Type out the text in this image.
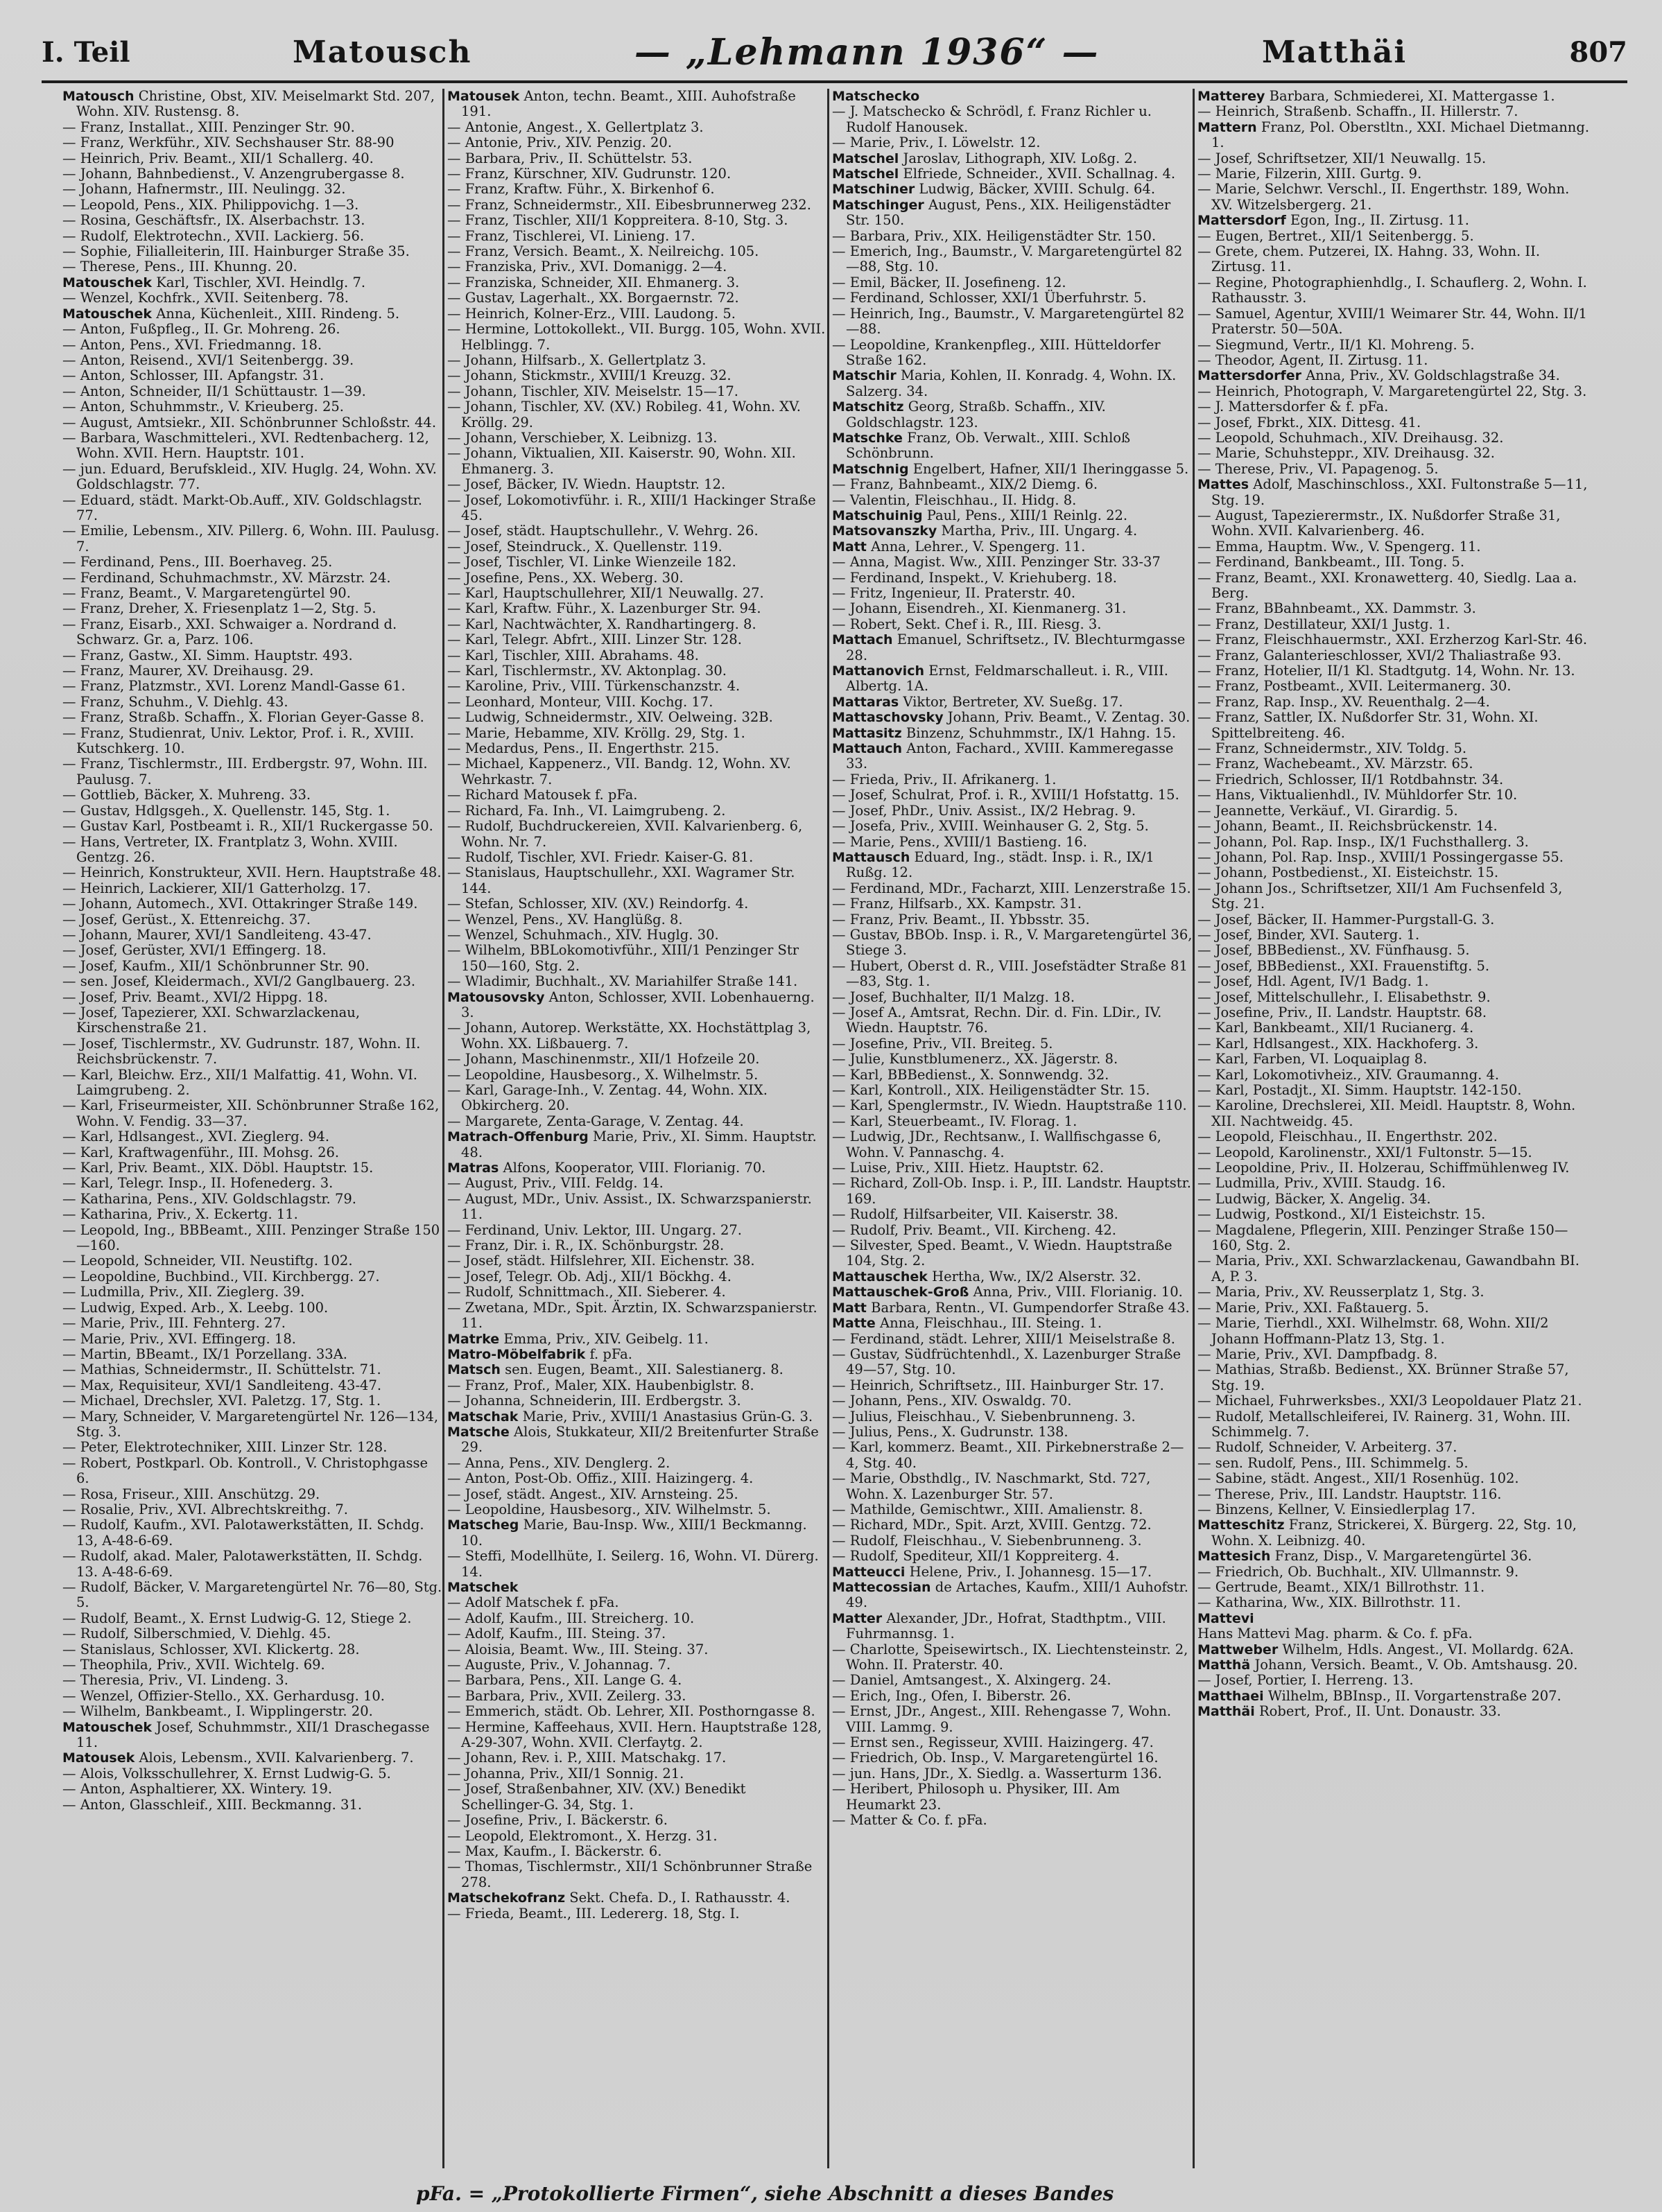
I. Teil	Matousch	— „Lehmann 1936“ —	Matthäi	807

Matousch Christine, Obst, XIV. Meiselmarkt Std. 207, Wohn. XIV. Rustensg. 8.

— Franz, Installat., XIII. Penzinger Str. 90.

— Franz, Werkführ., XIV. Sechshauser Str. 88-90

— Heinrich, Priv. Beamt., XII/1 Schallerg. 40.

— Johann, Bahnbedienst., V. Anzengrubergasse 8.

— Johann, Hafnermstr., III. Neulingg. 32.

— Leopold, Pens., XIX. Philippovichg. 1—3.

— Rosina, Geschäftsfr., IX. Alserbachstr. 13.

— Rudolf, Elektrotechn., XVII. Lackierg. 56.

— Sophie, Filialleiterin, III. Hainburger Straße 35.

— Therese, Pens., III. Khunng. 20.

Matouschek Karl, Tischler, XVI. Heindlg. 7.

— Wenzel, Kochfrk., XVII. Seitenberg. 78.

Matouschek Anna, Küchenleit., XIII. Rindeng. 5.

— Anton, Fußpfleg., II. Gr. Mohreng. 26.

— Anton, Pens., XVI. Friedmanng. 18.

— Anton, Reisend., XVI/1 Seitenbergg. 39.

— Anton, Schlosser, III. Apfangstr. 31.

— Anton, Schneider, II/1 Schüttaustr. 1—39.

— Anton, Schuhmmstr., V. Krieuberg. 25.

— August, Amtsiekr., XII. Schönbrunner Schloßstr. 44.

— Barbara, Waschmitteleri., XVI. Redtenbacherg. 12, Wohn. XVII. Hern. Hauptstr. 101.

— jun. Eduard, Berufskleid., XIV. Huglg. 24, Wohn. XV. Goldschlagstr. 77.

— Eduard, städt. Markt-Ob.Auff., XIV. Goldschlagstr. 77.

— Emilie, Lebensm., XIV. Pillerg. 6, Wohn. III. Paulusg. 7.

— Ferdinand, Pens., III. Boerhaveg. 25.

— Ferdinand, Schuhmachmstr., XV. Märzstr. 24.

— Franz, Beamt., V. Margaretengürtel 90.

— Franz, Dreher, X. Friesenplatz 1—2, Stg. 5.

— Franz, Eisarb., XXI. Schwaiger a. Nordrand d. Schwarz. Gr. a, Parz. 106.

— Franz, Gastw., XI. Simm. Hauptstr. 493.

— Franz, Maurer, XV. Dreihausg. 29.

— Franz, Platzmstr., XVI. Lorenz Mandl-Gasse 61.

— Franz, Schuhm., V. Diehlg. 43.

— Franz, Straßb. Schaffn., X. Florian Geyer-Gasse 8.

— Franz, Studienrat, Univ. Lektor, Prof. i. R., XVIII. Kutschkerg. 10.

— Franz, Tischlermstr., III. Erdbergstr. 97, Wohn. III. Paulusg. 7.

— Gottlieb, Bäcker, X. Muhreng. 33.

— Gustav, Hdlgsgeh., X. Quellenstr. 145, Stg. 1.

— Gustav Karl, Postbeamt i. R., XII/1 Ruckergasse 50.

— Hans, Vertreter, IX. Frantplatz 3, Wohn. XVIII. Gentzg. 26.

— Heinrich, Konstrukteur, XVII. Hern. Hauptstraße 48.

— Heinrich, Lackierer, XII/1 Gatterholzg. 17.

— Johann, Automech., XVI. Ottakringer Straße 149.

— Josef, Gerüst., X. Ettenreichg. 37.

— Johann, Maurer, XVI/1 Sandleiteng. 43-47.

— Josef, Gerüster, XVI/1 Effingerg. 18.

— Josef, Kaufm., XII/1 Schönbrunner Str. 90.

— sen. Josef, Kleidermach., XVI/2 Ganglbauerg. 23.

— Josef, Priv. Beamt., XVI/2 Hippg. 18.

— Josef, Tapezierer, XXI. Schwarzlackenau, Kirschenstraße 21.

— Josef, Tischlermstr., XV. Gudrunstr. 187, Wohn. II. Reichsbrückenstr. 7.

— Karl, Bleichw. Erz., XII/1 Malfattig. 41, Wohn. VI. Laimgrubeng. 2.

— Karl, Friseurmeister, XII. Schönbrunner Straße 162, Wohn. V. Fendig. 33—37.

— Karl, Hdlsangest., XVI. Zieglerg. 94.

— Karl, Kraftwagenführ., III. Mohsg. 26.

— Karl, Priv. Beamt., XIX. Döbl. Hauptstr. 15.

— Karl, Telegr. Insp., II. Hofenederg. 3.

— Katharina, Pens., XIV. Goldschlagstr. 79.

— Katharina, Priv., X. Eckertg. 11.

— Leopold, Ing., BBBeamt., XIII. Penzinger Straße 150—160.

— Leopold, Schneider, VII. Neustiftg. 102.

— Leopoldine, Buchbind., VII. Kirchbergg. 27.

— Ludmilla, Priv., XII. Zieglerg. 39.

— Ludwig, Exped. Arb., X. Leebg. 100.

— Marie, Priv., III. Fehnterg. 27.

— Marie, Priv., XVI. Effingerg. 18.

— Martin, BBeamt., IX/1 Porzellang. 33A.

— Mathias, Schneidermstr., II. Schüttelstr. 71.

— Max, Requisiteur, XVI/1 Sandleiteng. 43-47.

— Michael, Drechsler, XVI. Paletzg. 17, Stg. 1.

— Mary, Schneider, V. Margaretengürtel Nr. 126—134, Stg. 3.

— Peter, Elektrotechniker, XIII. Linzer Str. 128.

— Robert, Postkparl. Ob. Kontroll., V. Christophgasse 6.

— Rosa, Friseur., XIII. Anschützg. 29.

— Rosalie, Priv., XVI. Albrechtskreithg. 7.

— Rudolf, Kaufm., XVI. Palotawerkstätten, II. Schdg. 13, A-48-6-69.

— Rudolf, akad. Maler, Palotawerkstätten, II. Schdg. 13. A-48-6-69.

— Rudolf, Bäcker, V. Margaretengürtel Nr. 76—80, Stg. 5.

— Rudolf, Beamt., X. Ernst Ludwig-G. 12, Stiege 2.

— Rudolf, Silberschmied, V. Diehlg. 45.

— Stanislaus, Schlosser, XVI. Klickertg. 28.

— Theophila, Priv., XVII. Wichtelg. 69.

— Theresia, Priv., VI. Lindeng. 3.

— Wenzel, Offizier-Stello., XX. Gerhardusg. 10.

— Wilhelm, Bankbeamt., I. Wipplingerstr. 20.

Matouschek Josef, Schuhmmstr., XII/1 Draschegasse 11.

Matousek Alois, Lebensm., XVII. Kalvarienberg. 7.

— Alois, Volksschullehrer, X. Ernst Ludwig-G. 5.

— Anton, Asphaltierer, XX. Wintery. 19.

— Anton, Glasschleif., XIII. Beckmanng. 31.

Matousek Anton, techn. Beamt., XIII. Auhofstraße 191.

— Antonie, Angest., X. Gellertplatz 3.

— Antonie, Priv., XIV. Penzig. 20.

— Barbara, Priv., II. Schüttelstr. 53.

— Franz, Kürschner, XIV. Gudrunstr. 120.

— Franz, Kraftw. Führ., X. Birkenhof 6.

— Franz, Schneidermstr., XII. Eibesbrunnerweg 232.

— Franz, Tischler, XII/1 Koppreitera. 8-10, Stg. 3.

— Franz, Tischlerei, VI. Linieng. 17.

— Franz, Versich. Beamt., X. Neilreichg. 105.

— Franziska, Priv., XVI. Domanigg. 2—4.

— Franziska, Schneider, XII. Ehmanerg. 3.

— Gustav, Lagerhalt., XX. Borgaernstr. 72.

— Heinrich, Kolner-Erz., VIII. Laudong. 5.

— Hermine, Lottokollekt., VII. Burgg. 105, Wohn. XVII. Helblingg. 7.

— Johann, Hilfsarb., X. Gellertplatz 3.

— Johann, Stickmstr., XVIII/1 Kreuzg. 32.

— Johann, Tischler, XIV. Meiselstr. 15—17.

— Johann, Tischler, XV. (XV.) Robileg. 41, Wohn. XV. Kröllg. 29.

— Johann, Verschieber, X. Leibnizg. 13.

— Johann, Viktualien, XII. Kaiserstr. 90, Wohn. XII. Ehmanerg. 3.

— Josef, Bäcker, IV. Wiedn. Hauptstr. 12.

— Josef, Lokomotivführ. i. R., XIII/1 Hackinger Straße 45.

— Josef, städt. Hauptschullehr., V. Wehrg. 26.

— Josef, Steindruck., X. Quellenstr. 119.

— Josef, Tischler, VI. Linke Wienzeile 182.

— Josefine, Pens., XX. Weberg. 30.

— Karl, Hauptschullehrer, XII/1 Neuwallg. 27.

— Karl, Kraftw. Führ., X. Lazenburger Str. 94.

— Karl, Nachtwächter, X. Randhartingerg. 8.

— Karl, Telegr. Abfrt., XIII. Linzer Str. 128.

— Karl, Tischler, XIII. Abrahams. 48.

— Karl, Tischlermstr., XV. Aktonplag. 30.

— Karoline, Priv., VIII. Türkenschanzstr. 4.

— Leonhard, Monteur, VIII. Kochg. 17.

— Ludwig, Schneidermstr., XIV. Oelweing. 32B.

— Marie, Hebamme, XIV. Kröllg. 29, Stg. 1.

— Medardus, Pens., II. Engerthstr. 215.

— Michael, Kappenerz., VII. Bandg. 12, Wohn. XV. Wehrkastr. 7.

— Richard Matousek f. pFa.

— Richard, Fa. Inh., VI. Laimgrubeng. 2.

— Rudolf, Buchdruckereien, XVII. Kalvarienberg. 6, Wohn. Nr. 7.

— Rudolf, Tischler, XVI. Friedr. Kaiser-G. 81.

— Stanislaus, Hauptschullehr., XXI. Wagramer Str. 144.

— Stefan, Schlosser, XIV. (XV.) Reindorfg. 4.

— Wenzel, Pens., XV. Hanglüßg. 8.

— Wenzel, Schuhmach., XIV. Huglg. 30.

— Wilhelm, BBLokomotivführ., XIII/1 Penzinger Str 150—160, Stg. 2.

— Wladimir, Buchhalt., XV. Mariahilfer Straße 141.

Matousovsky Anton, Schlosser, XVII. Lobenhauerng. 3.

— Johann, Autorep. Werkstätte, XX. Hochstättplag 3, Wohn. XX. Lißbauerg. 7.

— Johann, Maschinenmstr., XII/1 Hofzeile 20.

— Leopoldine, Hausbesorg., X. Wilhelmstr. 5.

— Karl, Garage-Inh., V. Zentag. 44, Wohn. XIX. Obkircherg. 20.

— Margarete, Zenta-Garage, V. Zentag. 44.

Matrach-Offenburg Marie, Priv., XI. Simm. Hauptstr. 48.

Matras Alfons, Kooperator, VIII. Florianig. 70.

— August, Priv., VIII. Feldg. 14.

— August, MDr., Univ. Assist., IX. Schwarzspanierstr. 11.

— Ferdinand, Univ. Lektor, III. Ungarg. 27.

— Franz, Dir. i. R., IX. Schönburgstr. 28.

— Josef, städt. Hilfslehrer, XII. Eichenstr. 38.

— Josef, Telegr. Ob. Adj., XII/1 Böckhg. 4.

— Rudolf, Schnittmach., XII. Sieberer. 4.

— Zwetana, MDr., Spit. Ärztin, IX. Schwarzspanierstr. 11.

Matrke Emma, Priv., XIV. Geibelg. 11.

Matro-Möbelfabrik f. pFa.

Matsch sen. Eugen, Beamt., XII. Salestianerg. 8.

— Franz, Prof., Maler, XIX. Haubenbiglstr. 8.

— Johanna, Schneiderin, III. Erdbergstr. 3.

Matschak Marie, Priv., XVIII/1 Anastasius Grün-G. 3.

Matsche Alois, Stukkateur, XII/2 Breitenfurter Straße 29.

— Anna, Pens., XIV. Denglerg. 2.

— Anton, Post-Ob. Offiz., XIII. Haizingerg. 4.

— Josef, städt. Angest., XIV. Arnsteing. 25.

— Leopoldine, Hausbesorg., XIV. Wilhelmstr. 5.

Matscheg Marie, Bau-Insp. Ww., XIII/1 Beckmanng. 10.

— Steffi, Modellhüte, I. Seilerg. 16, Wohn. VI. Dürerg. 14.

Matschek

— Adolf Matschek f. pFa.

— Adolf, Kaufm., III. Streicherg. 10.

— Adolf, Kaufm., III. Steing. 37.

— Aloisia, Beamt. Ww., III. Steing. 37.

— Auguste, Priv., V. Johannag. 7.

— Barbara, Pens., XII. Lange G. 4.

— Barbara, Priv., XVII. Zeilerg. 33.

— Emmerich, städt. Ob. Lehrer, XII. Posthorngasse 8.

— Hermine, Kaffeehaus, XVII. Hern. Hauptstraße 128, A-29-307, Wohn. XVII. Clerfaytg. 2.

— Johann, Rev. i. P., XIII. Matschakg. 17.

— Johanna, Priv., XII/1 Sonnig. 21.

— Josef, Straßenbahner, XIV. (XV.) Benedikt Schellinger-G. 34, Stg. 1.

— Josefine, Priv., I. Bäckerstr. 6.

— Leopold, Elektromont., X. Herzg. 31.

— Max, Kaufm., I. Bäckerstr. 6.

— Thomas, Tischlermstr., XII/1 Schönbrunner Straße 278.

Matschekofranz Sekt. Chefa. D., I. Rathausstr. 4.

— Frieda, Beamt., III. Ledererg. 18, Stg. I.

Matschecko

— J. Matschecko & Schrödl, f. Franz Richler u. Rudolf Hanousek.

— Marie, Priv., I. Löwelstr. 12.

Matschel Jaroslav, Lithograph, XIV. Loßg. 2.

Matschel Elfriede, Schneider., XVII. Schallnag. 4.

Matschiner Ludwig, Bäcker, XVIII. Schulg. 64.

Matschinger August, Pens., XIX. Heiligenstädter Str. 150.

— Barbara, Priv., XIX. Heiligenstädter Str. 150.

— Emerich, Ing., Baumstr., V. Margaretengürtel 82—88, Stg. 10.

— Emil, Bäcker, II. Josefineng. 12.

— Ferdinand, Schlosser, XXI/1 Überfuhrstr. 5.

— Heinrich, Ing., Baumstr., V. Margaretengürtel 82—88.

— Leopoldine, Krankenpfleg., XIII. Hütteldorfer Straße 162.

Matschir Maria, Kohlen, II. Konradg. 4, Wohn. IX. Salzerg. 34.

Matschitz Georg, Straßb. Schaffn., XIV. Goldschlagstr. 123.

Matschke Franz, Ob. Verwalt., XIII. Schloß Schönbrunn.

Matschnig Engelbert, Hafner, XII/1 Iheringgasse 5.

— Franz, Bahnbeamt., XIX/2 Diemg. 6.

— Valentin, Fleischhau., II. Hidg. 8.

Matschuinig Paul, Pens., XIII/1 Reinlg. 22.

Matsovanszky Martha, Priv., III. Ungarg. 4.

Matt Anna, Lehrer., V. Spengerg. 11.

— Anna, Magist. Ww., XIII. Penzinger Str. 33-37

— Ferdinand, Inspekt., V. Kriehuberg. 18.

— Fritz, Ingenieur, II. Praterstr. 40.

— Johann, Eisendreh., XI. Kienmanerg. 31.

— Robert, Sekt. Chef i. R., III. Riesg. 3.

Mattach Emanuel, Schriftsetz., IV. Blechturmgasse 28.

Mattanovich Ernst, Feldmarschalleut. i. R., VIII. Albertg. 1A.

Mattaras Viktor, Bertreter, XV. Sueßg. 17.

Mattaschovsky Johann, Priv. Beamt., V. Zentag. 30.

Mattasitz Binzenz, Schuhmmstr., IX/1 Hahng. 15.

Mattauch Anton, Fachard., XVIII. Kammeregasse 33.

— Frieda, Priv., II. Afrikanerg. 1.

— Josef, Schulrat, Prof. i. R., XVIII/1 Hofstattg. 15.

— Josef, PhDr., Univ. Assist., IX/2 Hebrag. 9.

— Josefa, Priv., XVIII. Weinhauser G. 2, Stg. 5.

— Marie, Pens., XVIII/1 Bastieng. 16.

Mattausch Eduard, Ing., städt. Insp. i. R., IX/1 Rußg. 12.

— Ferdinand, MDr., Facharzt, XIII. Lenzerstraße 15.

— Franz, Hilfsarb., XX. Kampstr. 31.

— Franz, Priv. Beamt., II. Ybbsstr. 35.

— Gustav, BBOb. Insp. i. R., V. Margaretengürtel 36, Stiege 3.

— Hubert, Oberst d. R., VIII. Josefstädter Straße 81—83, Stg. 1.

— Josef, Buchhalter, II/1 Malzg. 18.

— Josef A., Amtsrat, Rechn. Dir. d. Fin. LDir., IV. Wiedn. Hauptstr. 76.

— Josefine, Priv., VII. Breiteg. 5.

— Julie, Kunstblumenerz., XX. Jägerstr. 8.

— Karl, BBBedienst., X. Sonnwendg. 32.

— Karl, Kontroll., XIX. Heiligenstädter Str. 15.

— Karl, Spenglermstr., IV. Wiedn. Hauptstraße 110.

— Karl, Steuerbeamt., IV. Florag. 1.

— Ludwig, JDr., Rechtsanw., I. Wallfischgasse 6, Wohn. V. Pannaschg. 4.

— Luise, Priv., XIII. Hietz. Hauptstr. 62.

— Richard, Zoll-Ob. Insp. i. P., III. Landstr. Hauptstr. 169.

— Rudolf, Hilfsarbeiter, VII. Kaiserstr. 38.

— Rudolf, Priv. Beamt., VII. Kircheng. 42.

— Silvester, Sped. Beamt., V. Wiedn. Hauptstraße 104, Stg. 2.

Mattauschek Hertha, Ww., IX/2 Alserstr. 32.

Mattauschek-Groß Anna, Priv., VIII. Florianig. 10.

Matt Barbara, Rentn., VI. Gumpendorfer Straße 43.

Matte Anna, Fleischhau., III. Steing. 1.

— Ferdinand, städt. Lehrer, XIII/1 Meiselstraße 8.

— Gustav, Südfrüchtenhdl., X. Lazenburger Straße 49—57, Stg. 10.

— Heinrich, Schriftsetz., III. Hainburger Str. 17.

— Johann, Pens., XIV. Oswaldg. 70.

— Julius, Fleischhau., V. Siebenbrunneng. 3.

— Julius, Pens., X. Gudrunstr. 138.

— Karl, kommerz. Beamt., XII. Pirkebnerstraße 2—4, Stg. 40.

— Marie, Obsthdlg., IV. Naschmarkt, Std. 727, Wohn. X. Lazenburger Str. 57.

— Mathilde, Gemischtwr., XIII. Amalienstr. 8.

— Richard, MDr., Spit. Arzt, XVIII. Gentzg. 72.

— Rudolf, Fleischhau., V. Siebenbrunneng. 3.

— Rudolf, Spediteur, XII/1 Koppreiterg. 4.

Matteucci Helene, Priv., I. Johannesg. 15—17.

Mattecossian de Artaches, Kaufm., XIII/1 Auhofstr. 49.

Matter Alexander, JDr., Hofrat, Stadthptm., VIII. Fuhrmannsg. 1.

— Charlotte, Speisewirtsch., IX. Liechtensteinstr. 2, Wohn. II. Praterstr. 40.

— Daniel, Amtsangest., X. Alxingerg. 24.

— Erich, Ing., Ofen, I. Biberstr. 26.

— Ernst, JDr., Angest., XIII. Rehengasse 7, Wohn. VIII. Lammg. 9.

— Ernst sen., Regisseur, XVIII. Haizingerg. 47.

— Friedrich, Ob. Insp., V. Margaretengürtel 16.

— jun. Hans, JDr., X. Siedlg. a. Wasserturm 136.

— Heribert, Philosoph u. Physiker, III. Am Heumarkt 23.

— Matter & Co. f. pFa.

Matterey Barbara, Schmiederei, XI. Mattergasse 1.

— Heinrich, Straßenb. Schaffn., II. Hillerstr. 7.

Mattern Franz, Pol. Oberstltn., XXI. Michael Dietmanng. 1.

— Josef, Schriftsetzer, XII/1 Neuwallg. 15.

— Marie, Filzerin, XIII. Gurtg. 9.

— Marie, Selchwr. Verschl., II. Engerthstr. 189, Wohn. XV. Witzelsbergerg. 21.

Mattersdorf Egon, Ing., II. Zirtusg. 11.

— Eugen, Bertret., XII/1 Seitenbergg. 5.

— Grete, chem. Putzerei, IX. Hahng. 33, Wohn. II. Zirtusg. 11.

— Regine, Photographienhdlg., I. Schauflerg. 2, Wohn. I. Rathausstr. 3.

— Samuel, Agentur, XVIII/1 Weimarer Str. 44, Wohn. II/1 Praterstr. 50—50A.

— Siegmund, Vertr., II/1 Kl. Mohreng. 5.

— Theodor, Agent, II. Zirtusg. 11.

Mattersdorfer Anna, Priv., XV. Goldschlagstraße 34.

— Heinrich, Photograph, V. Margaretengürtel 22, Stg. 3.

— J. Mattersdorfer & f. pFa.

— Josef, Fbrkt., XIX. Dittesg. 41.

— Leopold, Schuhmach., XIV. Dreihausg. 32.

— Marie, Schuhsteppr., XIV. Dreihausg. 32.

— Therese, Priv., VI. Papagenog. 5.

Mattes Adolf, Maschinschloss., XXI. Fultonstraße 5—11, Stg. 19.

— August, Tapezierermstr., IX. Nußdorfer Straße 31, Wohn. XVII. Kalvarienberg. 46.

— Emma, Hauptm. Ww., V. Spengerg. 11.

— Ferdinand, Bankbeamt., III. Tong. 5.

— Franz, Beamt., XXI. Kronawetterg. 40, Siedlg. Laa a. Berg.

— Franz, BBahnbeamt., XX. Dammstr. 3.

— Franz, Destillateur, XXI/1 Justg. 1.

— Franz, Fleischhauermstr., XXI. Erzherzog Karl-Str. 46.

— Franz, Galanterieschlosser, XVI/2 Thaliastraße 93.

— Franz, Hotelier, II/1 Kl. Stadtgutg. 14, Wohn. Nr. 13.

— Franz, Postbeamt., XVII. Leitermanerg. 30.

— Franz, Rap. Insp., XV. Reuenthalg. 2—4.

— Franz, Sattler, IX. Nußdorfer Str. 31, Wohn. XI. Spittelbreiteng. 46.

— Franz, Schneidermstr., XIV. Toldg. 5.

— Franz, Wachebeamt., XV. Märzstr. 65.

— Friedrich, Schlosser, II/1 Rotdbahnstr. 34.

— Hans, Viktualienhdl., IV. Mühldorfer Str. 10.

— Jeannette, Verkäuf., VI. Girardig. 5.

— Johann, Beamt., II. Reichsbrückenstr. 14.

— Johann, Pol. Rap. Insp., IX/1 Fuchsthallerg. 3.

— Johann, Pol. Rap. Insp., XVIII/1 Possingergasse 55.

— Johann, Postbedienst., XI. Eisteichstr. 15.

— Johann Jos., Schriftsetzer, XII/1 Am Fuchsenfeld 3, Stg. 21.

— Josef, Bäcker, II. Hammer-Purgstall-G. 3.

— Josef, Binder, XVI. Sauterg. 1.

— Josef, BBBedienst., XV. Fünfhausg. 5.

— Josef, BBBedienst., XXI. Frauenstiftg. 5.

— Josef, Hdl. Agent, IV/1 Badg. 1.

— Josef, Mittelschullehr., I. Elisabethstr. 9.

— Josefine, Priv., II. Landstr. Hauptstr. 68.

— Karl, Bankbeamt., XII/1 Rucianerg. 4.

— Karl, Hdlsangest., XIX. Hackhoferg. 3.

— Karl, Farben, VI. Loquaiplag 8.

— Karl, Lokomotivheiz., XIV. Graumanng. 4.

— Karl, Postadjt., XI. Simm. Hauptstr. 142-150.

— Karoline, Drechslerei, XII. Meidl. Hauptstr. 8, Wohn. XII. Nachtweidg. 45.

— Leopold, Fleischhau., II. Engerthstr. 202.

— Leopold, Karolinenstr., XXI/1 Fultonstr. 5—15.

— Leopoldine, Priv., II. Holzerau, Schiffmühlenweg IV.

— Ludmilla, Priv., XVIII. Staudg. 16.

— Ludwig, Bäcker, X. Angelig. 34.

— Ludwig, Postkond., XI/1 Eisteichstr. 15.

— Magdalene, Pflegerin, XIII. Penzinger Straße 150—160, Stg. 2.

— Maria, Priv., XXI. Schwarzlackenau, Gawandbahn BI. A, P. 3.

— Maria, Priv., XV. Reusserplatz 1, Stg. 3.

— Marie, Priv., XXI. Faßtauerg. 5.

— Marie, Tierhdl., XXI. Wilhelmstr. 68, Wohn. XII/2 Johann Hoffmann-Platz 13, Stg. 1.

— Marie, Priv., XVI. Dampfbadg. 8.

— Mathias, Straßb. Bedienst., XX. Brünner Straße 57, Stg. 19.

— Michael, Fuhrwerksbes., XXI/3 Leopoldauer Platz 21.

— Rudolf, Metallschleiferei, IV. Rainerg. 31, Wohn. III. Schimmelg. 7.

— Rudolf, Schneider, V. Arbeiterg. 37.

— sen. Rudolf, Pens., III. Schimmelg. 5.

— Sabine, städt. Angest., XII/1 Rosenhüg. 102.

— Therese, Priv., III. Landstr. Hauptstr. 116.

— Binzens, Kellner, V. Einsiedlerplag 17.

Matteschitz Franz, Strickerei, X. Bürgerg. 22, Stg. 10, Wohn. X. Leibnizg. 40.

Mattesich Franz, Disp., V. Margaretengürtel 36.

— Friedrich, Ob. Buchhalt., XIV. Ullmannstr. 9.

— Gertrude, Beamt., XIX/1 Billrothstr. 11.

— Katharina, Ww., XIX. Billrothstr. 11.

Mattevi

Hans Mattevi Mag. pharm. & Co. f. pFa.

Mattweber Wilhelm, Hdls. Angest., VI. Mollardg. 62A.

Matthä Johann, Versich. Beamt., V. Ob. Amtshausg. 20.

— Josef, Portier, I. Herreng. 13.

Matthaei Wilhelm, BBInsp., II. Vorgartenstraße 207.

Matthäi Robert, Prof., II. Unt. Donaustr. 33.

pFa. = „Protokollierte Firmen“, siehe Abschnitt a dieses Bandes
